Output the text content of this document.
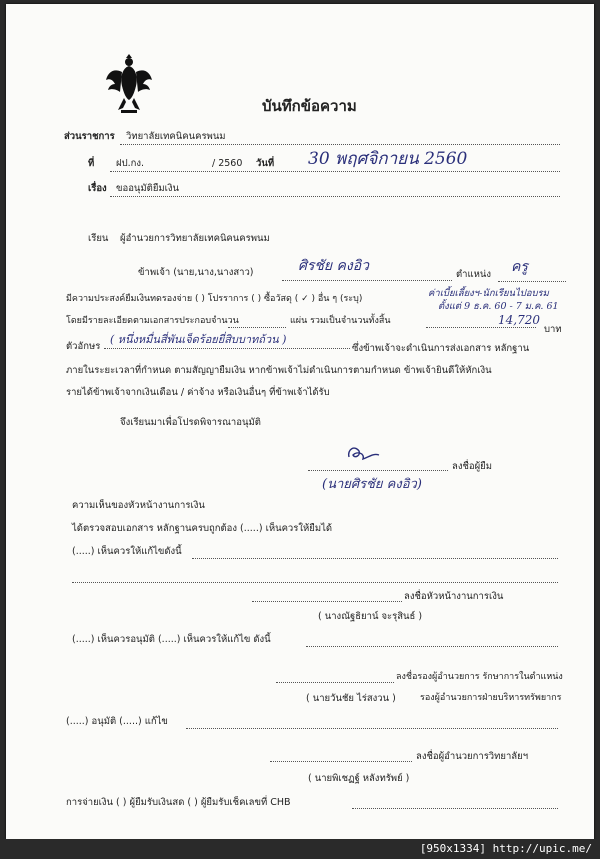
บันทึกข้อความ
ส่วนราชการ วิทยาลัยเทคนิคนครพนม
ที่ ฝป.กง.	/ 2560 วันที่ 30 พฤศจิกายน 2560
เรื่อง ขออนุมัติยืมเงิน
เรียน ผู้อำนวยการวิทยาลัยเทคนิคนครพนม
ข้าพเจ้า (นาย,นาง,นางสาว)	ศิรชัย คงอิว
ตำแหน่ง ครู
มีความประสงค์ยืมเงินทดรองจ่าย ( ) โปรราการ ( ) ซื้อวัสดุ ( ✓ ) อื่น ๆ (ระบุ)	ค่าเบี้ยเลี้ยงฯ-นักเรียนไปอบรม
ตั้งแต่ 9 ธ.ค. 60 - 7 ม.ค. 61
โดยมีรายละเอียดตามเอกสารประกอบจำนวน	แผ่น รวมเป็นจำนวนทั้งสิ้น	14,720
บาท
ตัวอักษร
( หนึ่งหมื่นสี่พันเจ็ดร้อยยี่สิบบาทถ้วน )
ซึ่งข้าพเจ้าจะดำเนินการส่งเอกสาร หลักฐาน
ภายในระยะเวลาที่กำหนด ตามสัญญายืมเงิน หากข้าพเจ้าไม่ดำเนินการตามกำหนด ข้าพเจ้ายินดีให้หักเงิน
รายได้ข้าพเจ้าจากเงินเดือน / ค่าจ้าง หรือเงินอื่นๆ ที่ข้าพเจ้าได้รับ
จึงเรียนมาเพื่อโปรดพิจารณาอนุมัติ
ลงชื่อผู้ยืม
(นายศิรชัย คงอิว)
ความเห็นของหัวหน้างานการเงิน
ได้ตรวจสอบเอกสาร หลักฐานครบถูกต้อง (.....) เห็นควรให้ยืมได้
(.....) เห็นควรให้แก้ไขดังนี้
ลงชื่อหัวหน้างานการเงิน
( นางณัฐธิยาน์ จะรุสินธ์ )
(.....) เห็นควรอนุมัติ (.....) เห็นควรให้แก้ไข ดังนี้
ลงชื่อรองผู้อำนวยการ รักษาการในตำแหน่ง
( นายวันชัย ไร่สงวน )	รองผู้อำนวยการฝ่ายบริหารทรัพยากร
(.....) อนุมัติ (.....) แก้ไข
ลงชื่อผู้อำนวยการวิทยาลัยฯ
( นายพิเชฏฐ์ หลังทรัพย์ )
การจ่ายเงิน ( ) ผู้ยืมรับเงินสด ( ) ผู้ยืมรับเช็คเลขที่ CHB
[950x1334] http://upic.me/
